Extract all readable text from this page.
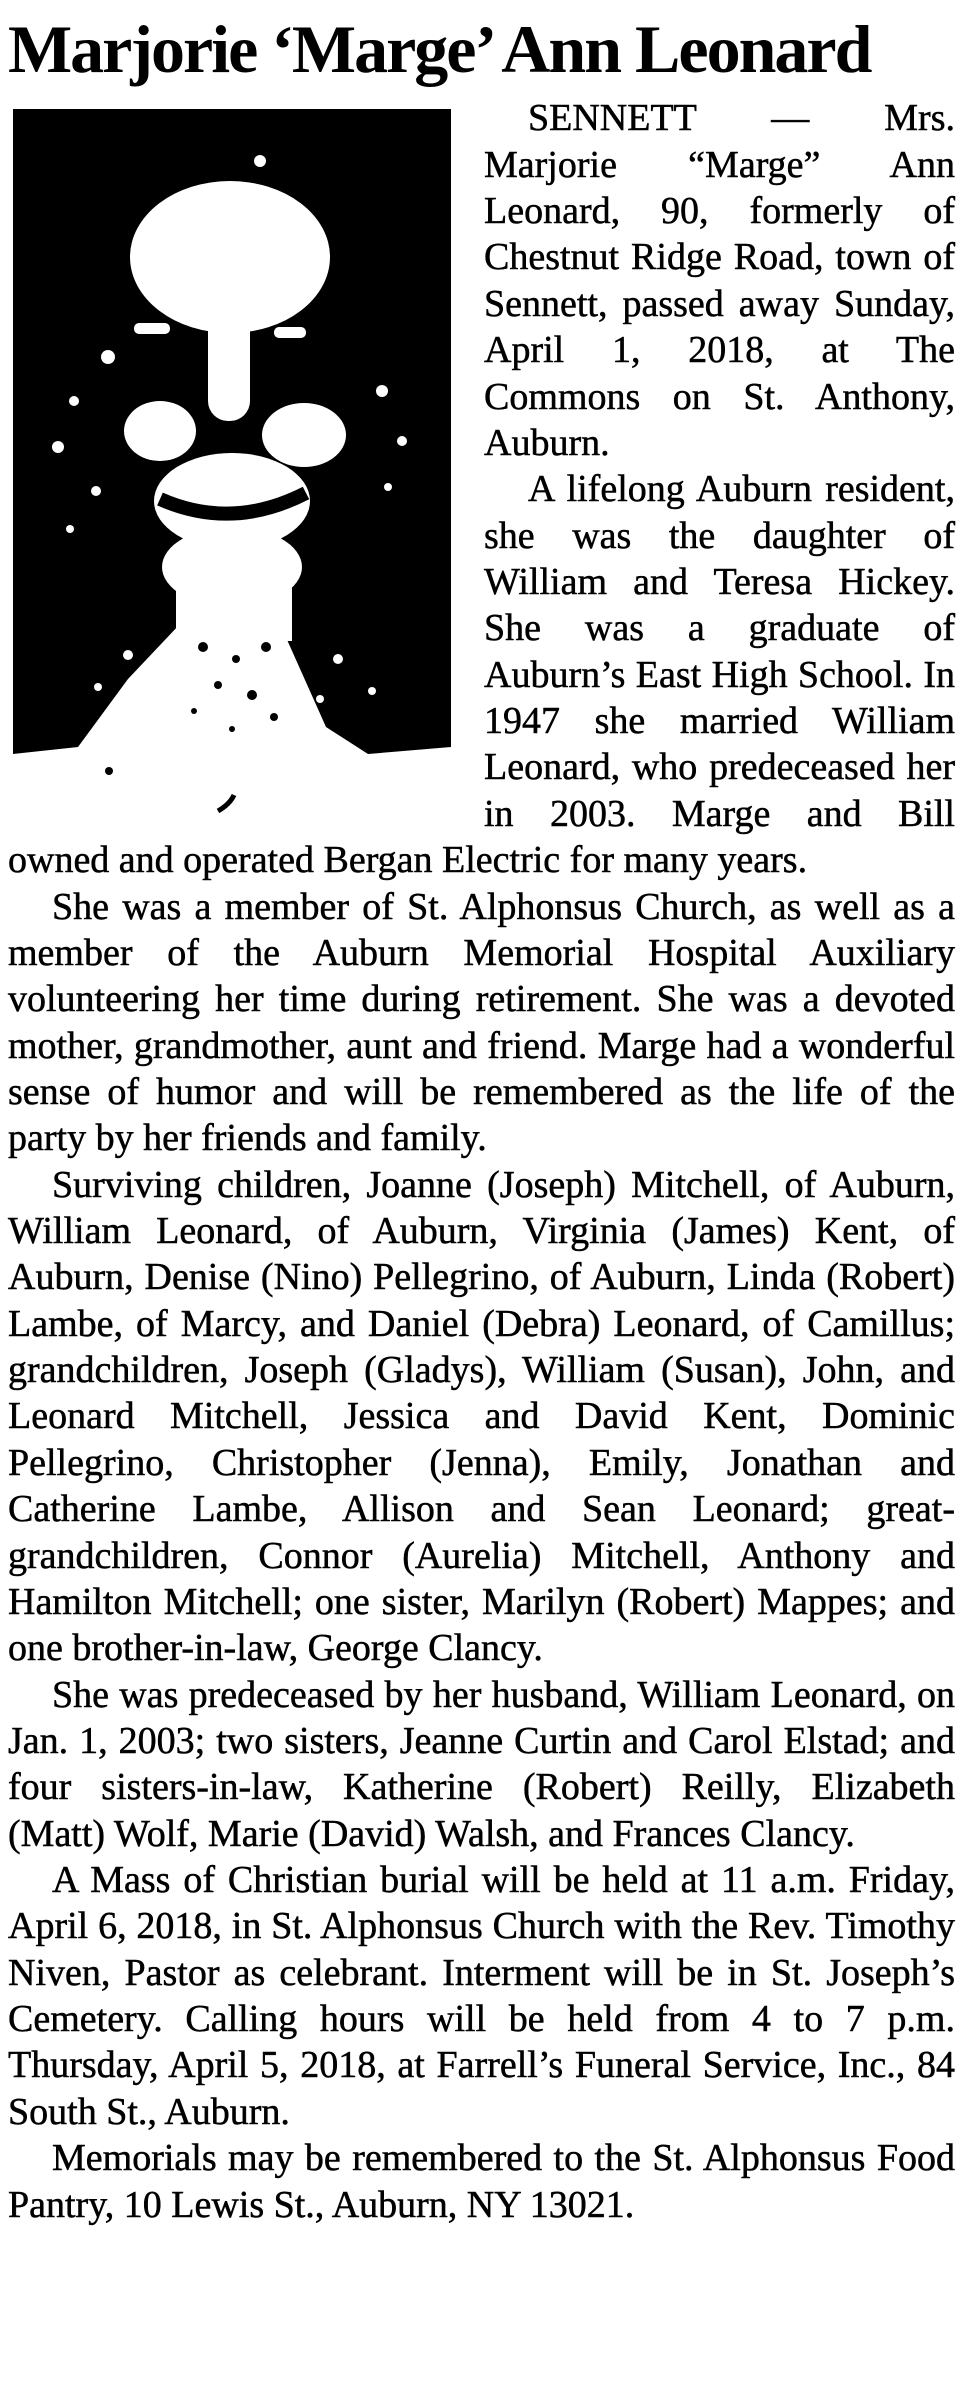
Marjorie ‘Marge’ Ann Leonard

SENNETT — Mrs. Marjorie “Marge” Ann Leonard, 90, formerly of Chestnut Ridge Road, town of Sennett, passed away Sunday, April 1, 2018, at The Commons on St. Anthony, Auburn.

A lifelong Auburn resident, she was the daughter of William and Teresa Hickey. She was a graduate of Auburn’s East High School. In 1947 she married William Leonard, who predeceased her in 2003. Marge and Bill owned and operated Bergan Electric for many years.

She was a member of St. Alphonsus Church, as well as a member of the Auburn Memorial Hospital Auxiliary volunteering her time during retirement. She was a devoted mother, grandmother, aunt and friend. Marge had a wonderful sense of humor and will be remembered as the life of the party by her friends and family.

Surviving children, Joanne (Joseph) Mitchell, of Auburn, William Leonard, of Auburn, Virginia (James) Kent, of Auburn, Denise (Nino) Pellegrino, of Auburn, Linda (Robert) Lambe, of Marcy, and Daniel (Debra) Leonard, of Camillus; grandchildren, Joseph (Gladys), William (Susan), John, and Leonard Mitchell, Jessica and David Kent, Dominic Pellegrino, Christopher (Jenna), Emily, Jonathan and Catherine Lambe, Allison and Sean Leonard; great-grandchildren, Connor (Aurelia) Mitchell, Anthony and Hamilton Mitchell; one sister, Marilyn (Robert) Mappes; and one brother-in-law, George Clancy.

She was predeceased by her husband, William Leonard, on Jan. 1, 2003; two sisters, Jeanne Curtin and Carol Elstad; and four sisters-in-law, Katherine (Robert) Reilly, Elizabeth (Matt) Wolf, Marie (David) Walsh, and Frances Clancy.

A Mass of Christian burial will be held at 11 a.m. Friday, April 6, 2018, in St. Alphonsus Church with the Rev. Timothy Niven, Pastor as celebrant. Interment will be in St. Joseph’s Cemetery. Calling hours will be held from 4 to 7 p.m. Thursday, April 5, 2018, at Farrell’s Funeral Service, Inc., 84 South St., Auburn.

Memorials may be remembered to the St. Alphonsus Food Pantry, 10 Lewis St., Auburn, NY 13021.
